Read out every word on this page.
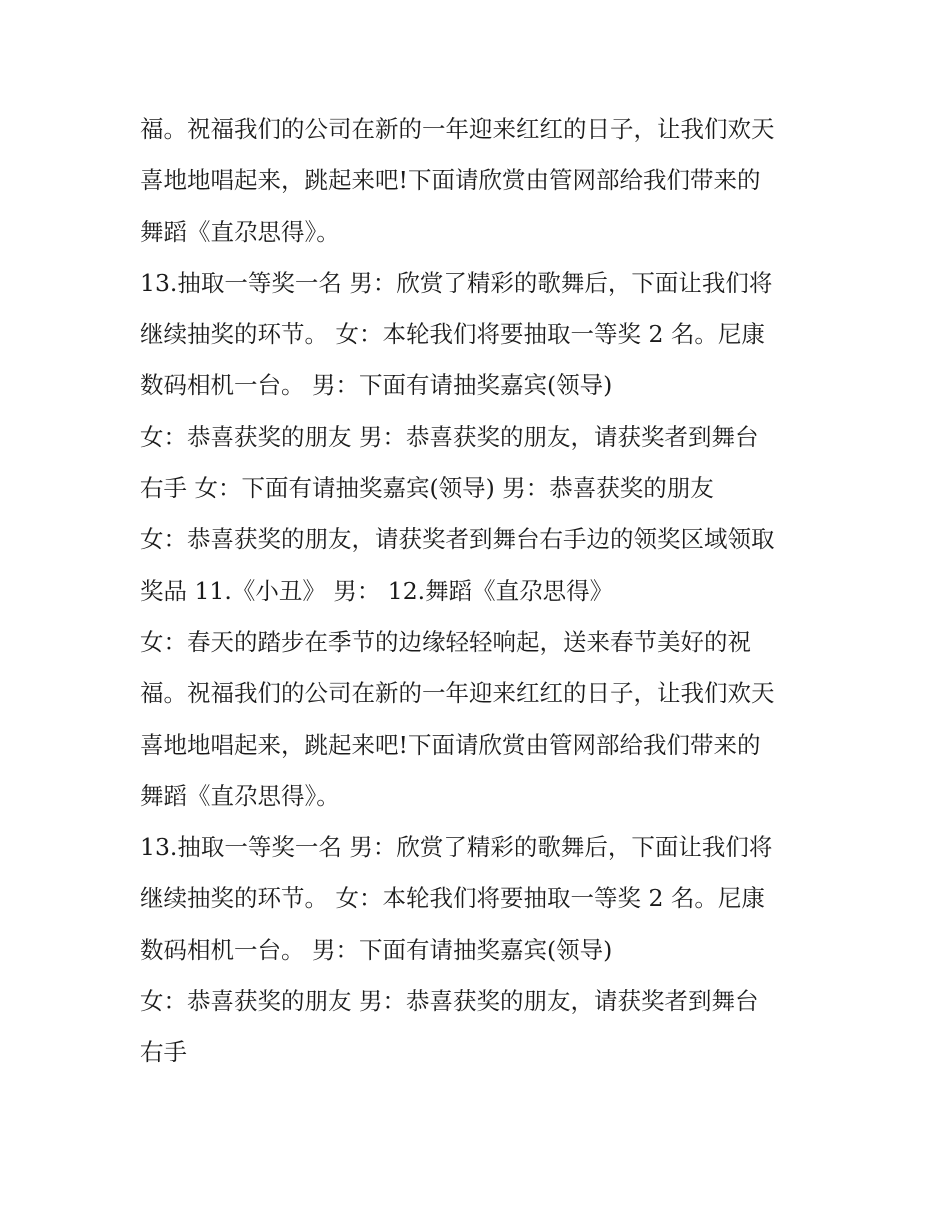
福。祝福我们的公司在新的一年迎来红红的日子，让我们欢天
喜地地唱起来，跳起来吧!下面请欣赏由管网部给我们带来的
舞蹈《直尕思得》。
13.抽取一等奖一名 男：欣赏了精彩的歌舞后，下面让我们将
继续抽奖的环节。 女：本轮我们将要抽取一等奖 2 名。尼康
数码相机一台。 男：下面有请抽奖嘉宾(领导)
女：恭喜获奖的朋友 男：恭喜获奖的朋友，请获奖者到舞台
右手 女：下面有请抽奖嘉宾(领导) 男：恭喜获奖的朋友
女：恭喜获奖的朋友，请获奖者到舞台右手边的领奖区域领取
奖品 11.《小丑》 男： 12.舞蹈《直尕思得》
女：春天的踏步在季节的边缘轻轻响起，送来春节美好的祝
福。祝福我们的公司在新的一年迎来红红的日子，让我们欢天
喜地地唱起来，跳起来吧!下面请欣赏由管网部给我们带来的
舞蹈《直尕思得》。
13.抽取一等奖一名 男：欣赏了精彩的歌舞后，下面让我们将
继续抽奖的环节。 女：本轮我们将要抽取一等奖 2 名。尼康
数码相机一台。 男：下面有请抽奖嘉宾(领导)
女：恭喜获奖的朋友 男：恭喜获奖的朋友，请获奖者到舞台
右手
